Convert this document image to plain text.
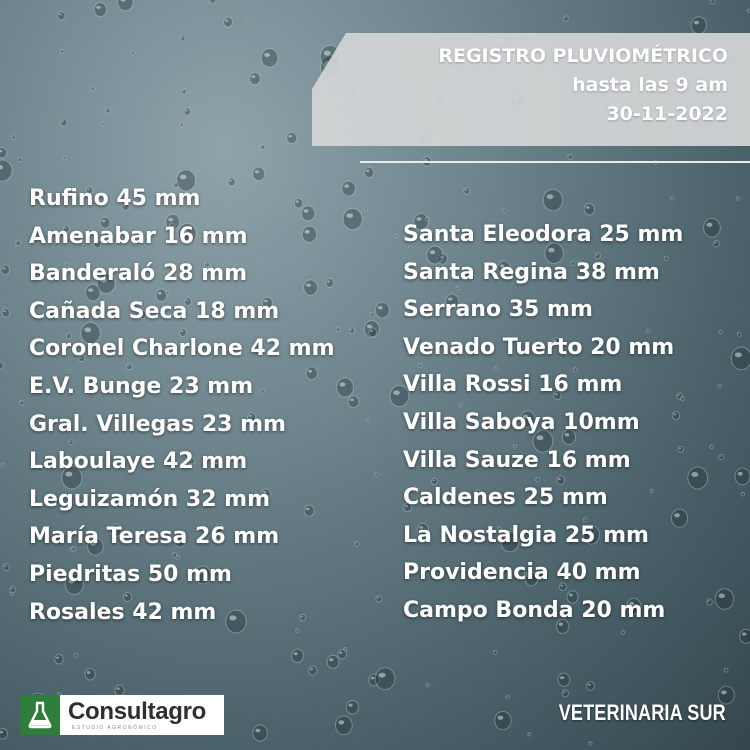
REGISTRO PLUVIOMÉTRICO
hasta las 9 am
30-11-2022
Rufino 45 mm
Amenabar 16 mm
Banderaló 28 mm
Cañada Seca 18 mm
Coronel Charlone 42 mm
E.V. Bunge 23 mm
Gral. Villegas 23 mm
Laboulaye 42 mm
Leguizamón 32 mm
María Teresa 26 mm
Piedritas 50 mm
Rosales 42 mm
Santa Eleodora 25 mm
Santa Regina 38 mm
Serrano 35 mm
Venado Tuerto 20 mm
Villa Rossi 16 mm
Villa Saboya 10mm
Villa Sauze 16 mm
Caldenes 25 mm
La Nostalgia 25 mm
Providencia 40 mm
Campo Bonda 20 mm
Consultagro
ESTUDIO AGRONÓMICO
VETERINARIA SUR
